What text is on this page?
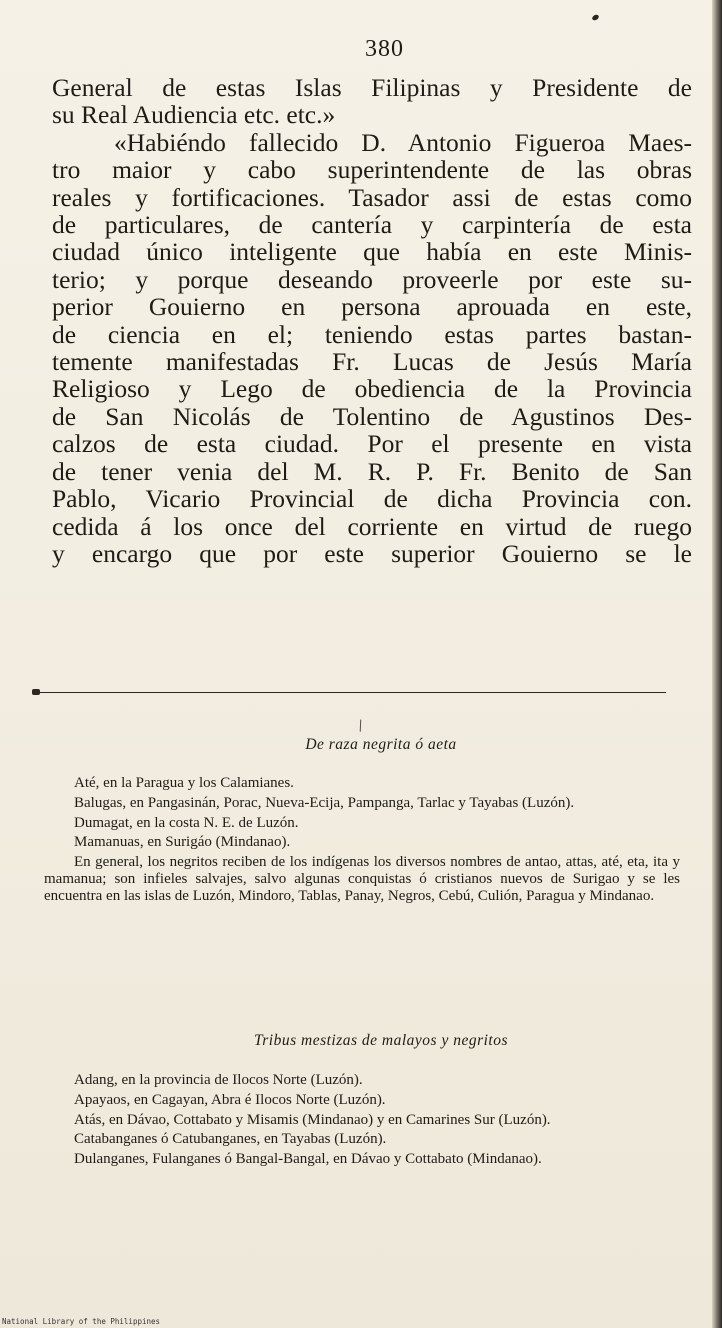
380
General de estas Islas Filipinas y Presidente de
su Real Audiencia etc. etc.»
«Habiéndo fallecido D. Antonio Figueroa Maes-
tro maior y cabo superintendente de las obras
reales y fortificaciones. Tasador assi de estas como
de particulares, de cantería y carpintería de esta
ciudad único inteligente que había en este Minis-
terio; y porque deseando proveerle por este su-
perior Gouierno en persona aprouada en este,
de ciencia en el; teniendo estas partes bastan-
temente manifestadas Fr. Lucas de Jesús María
Religioso y Lego de obediencia de la Provincia
de San Nicolás de Tolentino de Agustinos Des-
calzos de esta ciudad. Por el presente en vista
de tener venia del M. R. P. Fr. Benito de San
Pablo, Vicario Provincial de dicha Provincia con.
cedida á los once del corriente en virtud de ruego
y encargo que por este superior Gouierno se le
\
De raza negrita ó aeta

Até, en la Paragua y los Calamianes.

Balugas, en Pangasinán, Porac, Nueva-Ecija, Pampanga, Tarlac y Tayabas (Luzón).

Dumagat, en la costa N. E. de Luzón.

Mamanuas, en Surigáo (Mindanao).

En general, los negritos reciben de los indígenas los diversos nombres de antao, attas, até, eta, ita y mamanua; son infieles salvajes, salvo algunas conquistas ó cristianos nuevos de Surigao y se les encuentra en las islas de Luzón, Mindoro, Tablas, Panay, Negros, Cebú, Culión, Paragua y Mindanao.

Tribus mestizas de malayos y negritos

Adang, en la provincia de Ilocos Norte (Luzón).

Apayaos, en Cagayan, Abra é Ilocos Norte (Luzón).

Atás, en Dávao, Cottabato y Misamis (Mindanao) y en Camarines Sur (Luzón).

Catabanganes ó Catubanganes, en Tayabas (Luzón).

Dulanganes, Fulanganes ó Bangal-Bangal, en Dávao y Cottabato (Mindanao).

National Library of the Philippines
